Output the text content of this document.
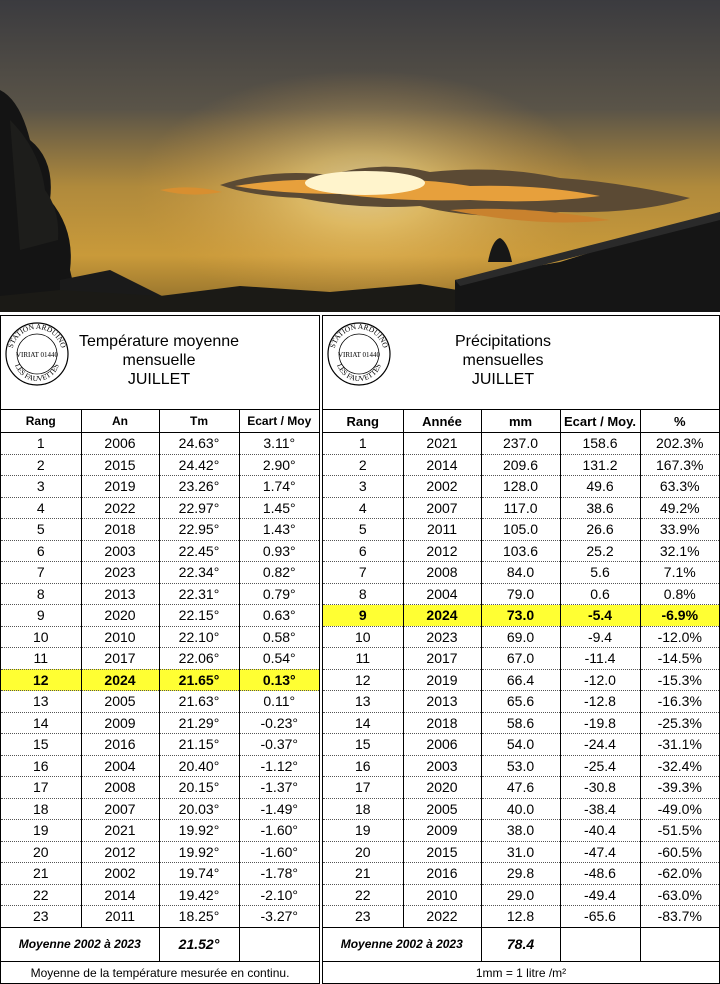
STATION ARDUINO
LES FAUVETTES
VIRIAT 01440
Température moyenne
mensuelle
JUILLET
Rang	An	Tm	Ecart / Moy
1	2006	24.63°	3.11°
2	2015	24.42°	2.90°
3	2019	23.26°	1.74°
4	2022	22.97°	1.45°
5	2018	22.95°	1.43°
6	2003	22.45°	0.93°
7	2023	22.34°	0.82°
8	2013	22.31°	0.79°
9	2020	22.15°	0.63°
10	2010	22.10°	0.58°
11	2017	22.06°	0.54°
12	2024	21.65°	0.13°
13	2005	21.63°	0.11°
14	2009	21.29°	-0.23°
15	2016	21.15°	-0.37°
16	2004	20.40°	-1.12°
17	2008	20.15°	-1.37°
18	2007	20.03°	-1.49°
19	2021	19.92°	-1.60°
20	2012	19.92°	-1.60°
21	2002	19.74°	-1.78°
22	2014	19.42°	-2.10°
23	2011	18.25°	-3.27°
Moyenne 2002 à 2023		21.52°	
Moyenne de la température mesurée en continu.
STATION ARDUINO
LES FAUVETTES
VIRIAT 01440
Précipitations
mensuelles
JUILLET
Rang	Année	mm	Ecart / Moy.	%
1	2021	237.0	158.6	202.3%
2	2014	209.6	131.2	167.3%
3	2002	128.0	49.6	63.3%
4	2007	117.0	38.6	49.2%
5	2011	105.0	26.6	33.9%
6	2012	103.6	25.2	32.1%
7	2008	84.0	5.6	7.1%
8	2004	79.0	0.6	0.8%
9	2024	73.0	-5.4	-6.9%
10	2023	69.0	-9.4	-12.0%
11	2017	67.0	-11.4	-14.5%
12	2019	66.4	-12.0	-15.3%
13	2013	65.6	-12.8	-16.3%
14	2018	58.6	-19.8	-25.3%
15	2006	54.0	-24.4	-31.1%
16	2003	53.0	-25.4	-32.4%
17	2020	47.6	-30.8	-39.3%
18	2005	40.0	-38.4	-49.0%
19	2009	38.0	-40.4	-51.5%
20	2015	31.0	-47.4	-60.5%
21	2016	29.8	-48.6	-62.0%
22	2010	29.0	-49.4	-63.0%
23	2022	12.8	-65.6	-83.7%
Moyenne 2002 à 2023		78.4		
1mm = 1 litre /m²
